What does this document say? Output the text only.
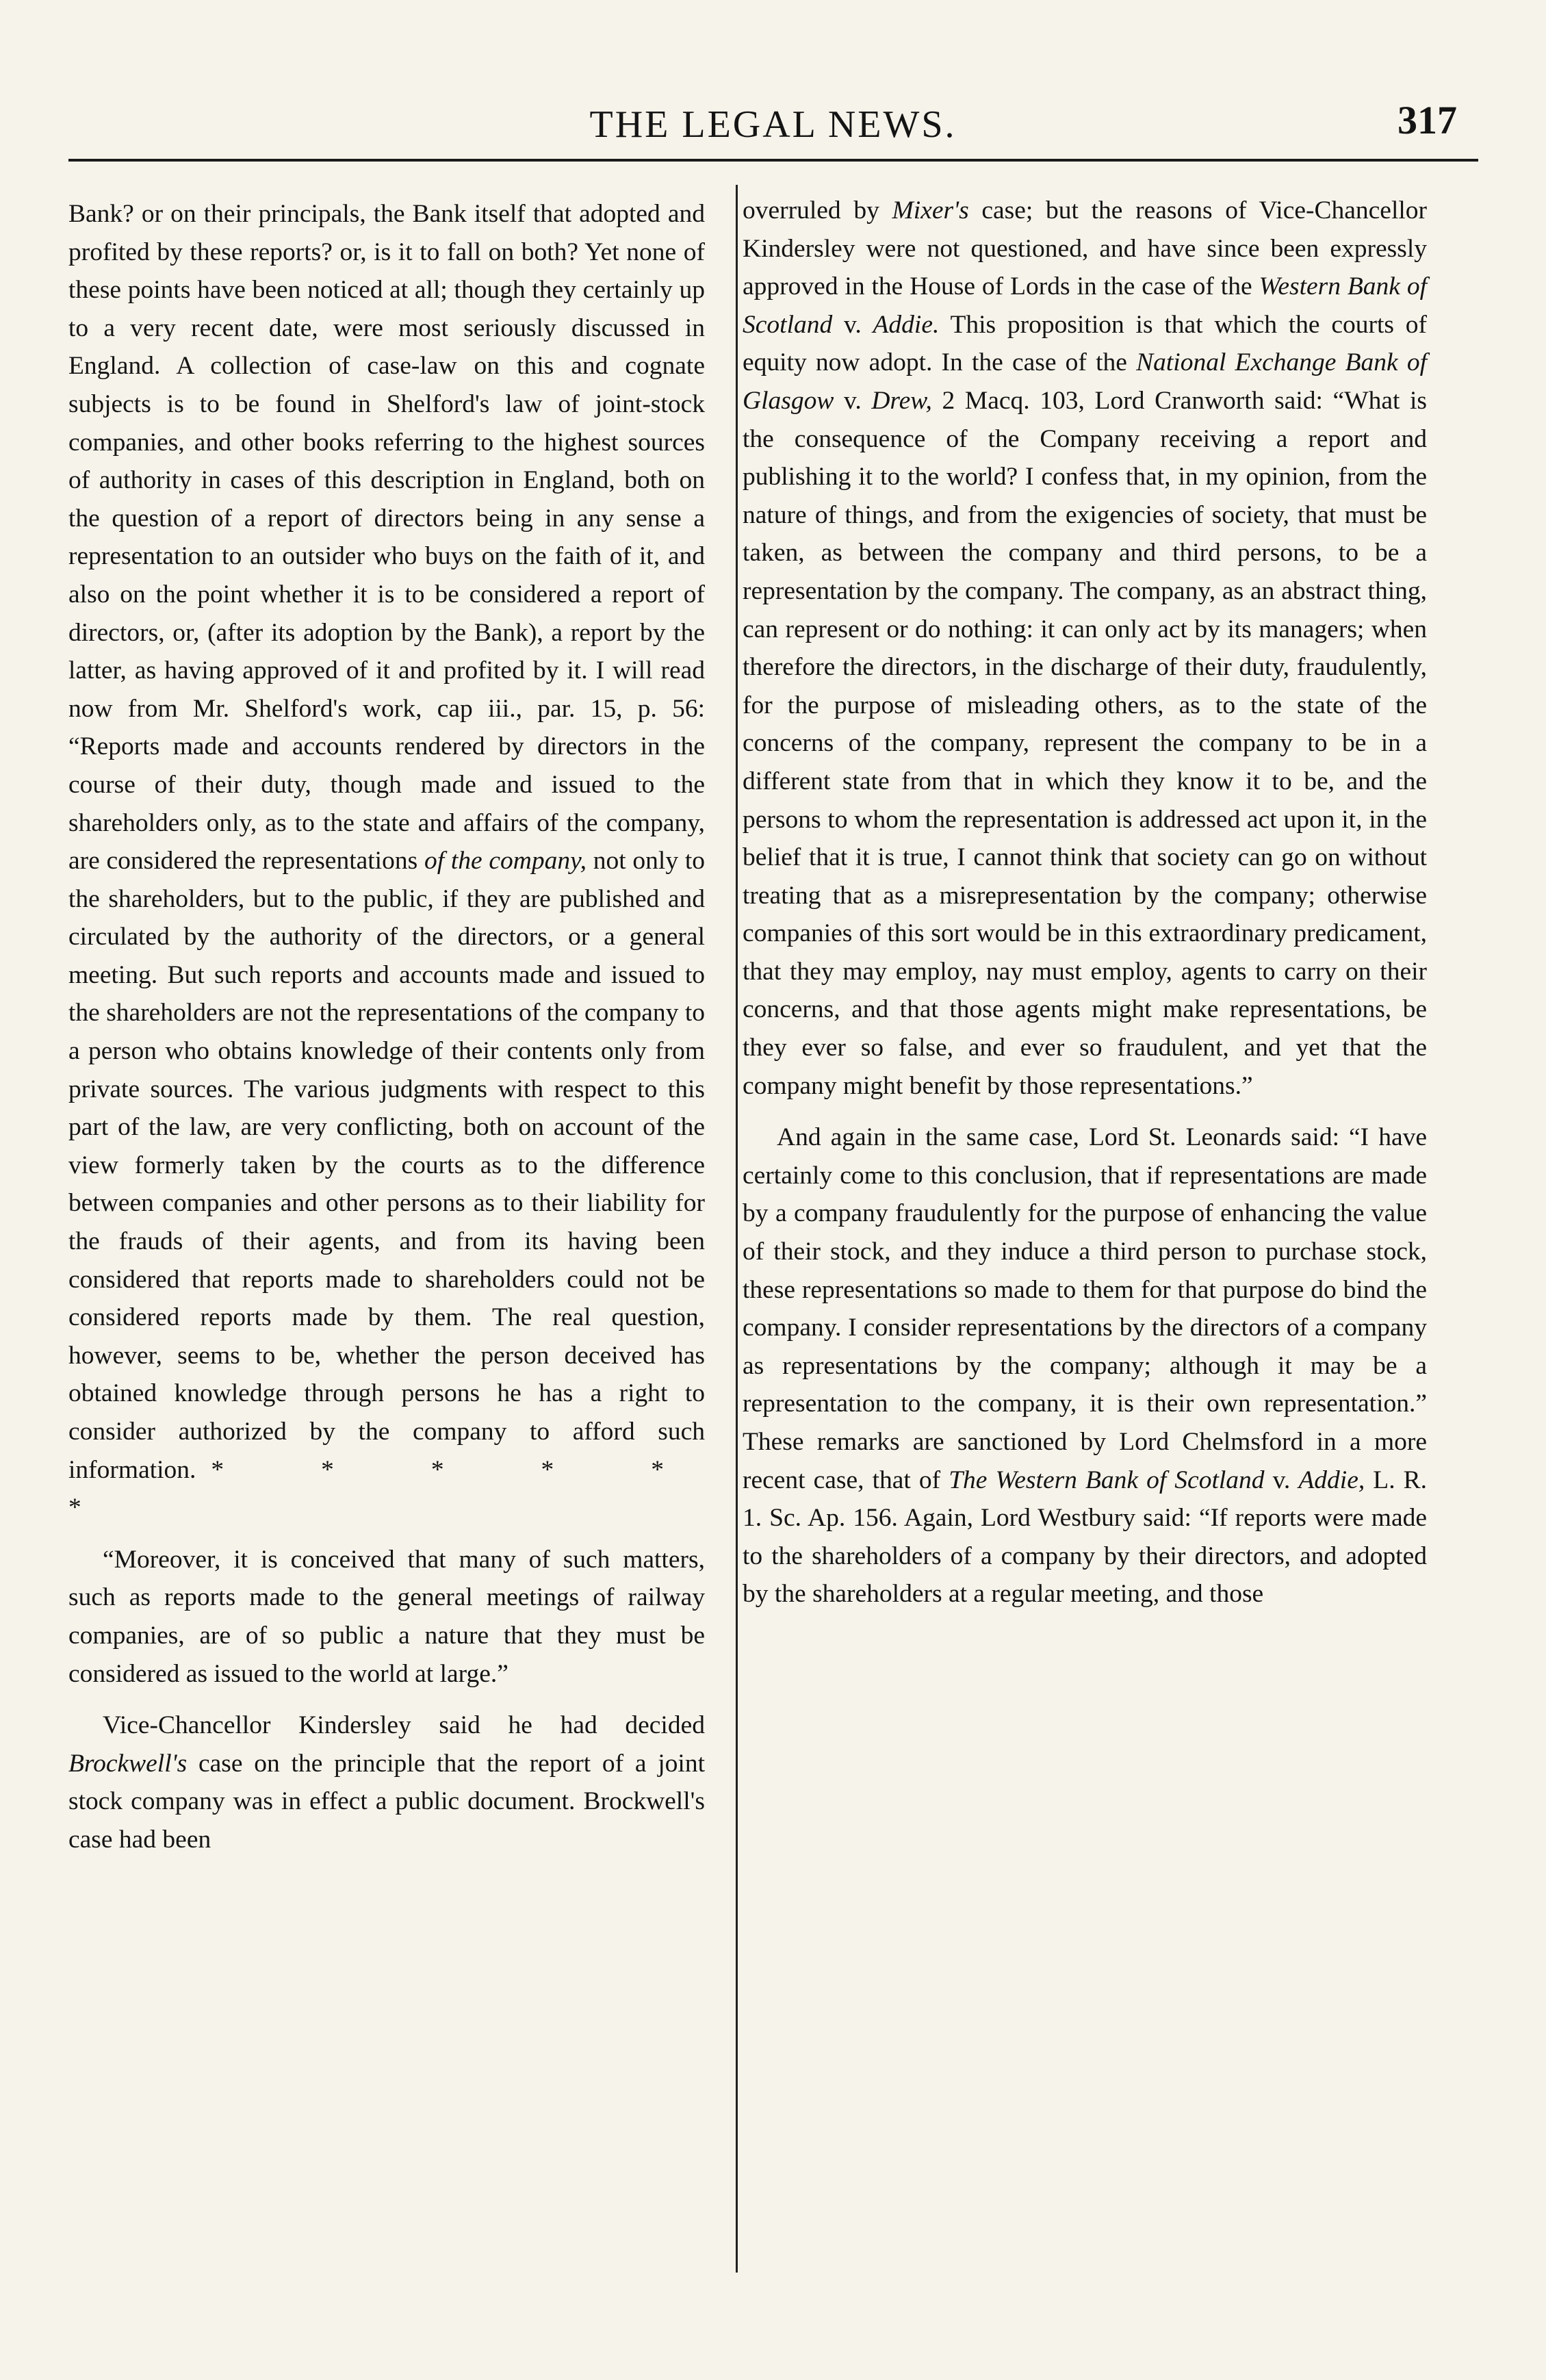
THE LEGAL NEWS.	317

Bank? or on their principals, the Bank itself that adopted and profited by these reports? or, is it to fall on both? Yet none of these points have been noticed at all; though they certainly up to a very recent date, were most seriously discussed in England. A collection of case-law on this and cognate subjects is to be found in Shelford's law of joint-stock companies, and other books referring to the highest sources of authority in cases of this description in England, both on the question of a report of directors being in any sense a representation to an outsider who buys on the faith of it, and also on the point whether it is to be considered a report of directors, or, (after its adoption by the Bank), a report by the latter, as having approved of it and profited by it. I will read now from Mr. Shelford's work, cap iii., par. 15, p. 56: “Reports made and accounts rendered by directors in the course of their duty, though made and issued to the shareholders only, as to the state and affairs of the company, are considered the representations of the company, not only to the shareholders, but to the public, if they are published and circulated by the authority of the directors, or a general meeting. But such reports and accounts made and issued to the shareholders are not the representations of the company to a person who obtains knowledge of their contents only from private sources. The various judgments with respect to this part of the law, are very conflicting, both on account of the view formerly taken by the courts as to the difference between companies and other persons as to their liability for the frauds of their agents, and from its having been considered that reports made to shareholders could not be considered reports made by them. The real question, however, seems to be, whether the person deceived has obtained knowledge through persons he has a right to consider authorized by the company to afford such information. * * * * * *

“Moreover, it is conceived that many of such matters, such as reports made to the general meetings of railway companies, are of so public a nature that they must be considered as issued to the world at large.”

Vice-Chancellor Kindersley said he had decided Brockwell's case on the principle that the report of a joint stock company was in effect a public document. Brockwell's case had been

overruled by Mixer's case; but the reasons of Vice-Chancellor Kindersley were not questioned, and have since been expressly approved in the House of Lords in the case of the Western Bank of Scotland v. Addie. This proposition is that which the courts of equity now adopt. In the case of the National Exchange Bank of Glasgow v. Drew, 2 Macq. 103, Lord Cranworth said: “What is the consequence of the Company receiving a report and publishing it to the world? I confess that, in my opinion, from the nature of things, and from the exigencies of society, that must be taken, as between the company and third persons, to be a representation by the company. The company, as an abstract thing, can represent or do nothing: it can only act by its managers; when therefore the directors, in the discharge of their duty, fraudulently, for the purpose of misleading others, as to the state of the concerns of the company, represent the company to be in a different state from that in which they know it to be, and the persons to whom the representation is addressed act upon it, in the belief that it is true, I cannot think that society can go on without treating that as a misrepresentation by the company; otherwise companies of this sort would be in this extraordinary predicament, that they may employ, nay must employ, agents to carry on their concerns, and that those agents might make representations, be they ever so false, and ever so fraudulent, and yet that the company might benefit by those representations.”

And again in the same case, Lord St. Leonards said: “I have certainly come to this conclusion, that if representations are made by a company fraudulently for the purpose of enhancing the value of their stock, and they induce a third person to purchase stock, these representations so made to them for that purpose do bind the company. I consider representations by the directors of a company as representations by the company; although it may be a representation to the company, it is their own representation.” These remarks are sanctioned by Lord Chelmsford in a more recent case, that of The Western Bank of Scotland v. Addie, L. R. 1. Sc. Ap. 156. Again, Lord Westbury said: “If reports were made to the shareholders of a company by their directors, and adopted by the shareholders at a regular meeting, and those
